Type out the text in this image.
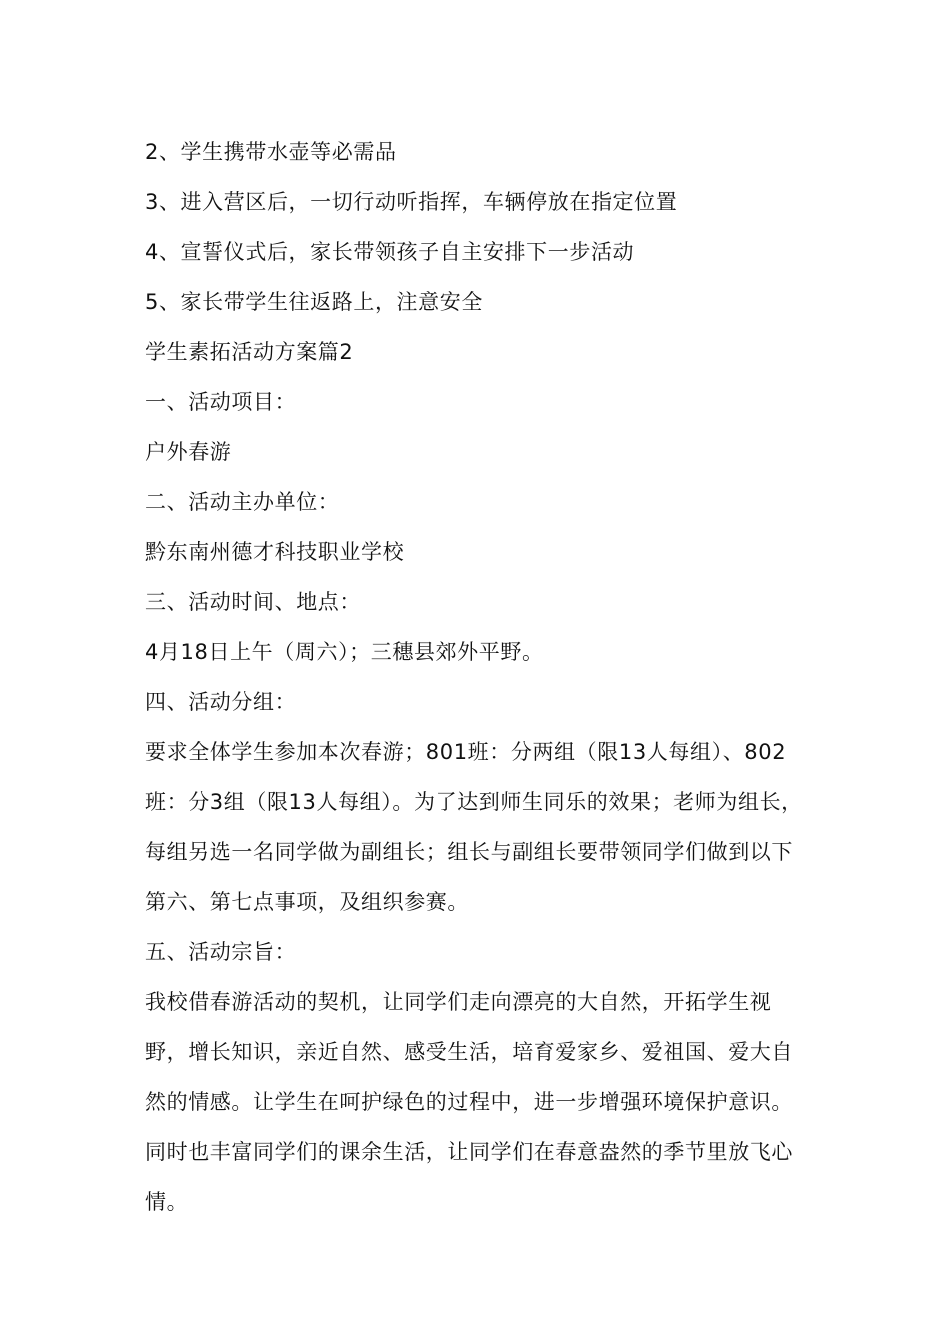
2、学生携带水壶等必需品

3、进入营区后，一切行动听指挥，车辆停放在指定位置

4、宣誓仪式后，家长带领孩子自主安排下一步活动

5、家长带学生往返路上，注意安全

学生素拓活动方案篇2

一、活动项目：

户外春游

二、活动主办单位：

黔东南州德才科技职业学校

三、活动时间、地点：

4月18日上午（周六）；三穗县郊外平野。

四、活动分组：

要求全体学生参加本次春游；801班：分两组（限13人每组）、802班：分3组（限13人每组）。为了达到师生同乐的效果；老师为组长，每组另选一名同学做为副组长；组长与副组长要带领同学们做到以下第六、第七点事项，及组织参赛。

五、活动宗旨：

我校借春游活动的契机，让同学们走向漂亮的大自然，开拓学生视野，增长知识，亲近自然、感受生活，培育爱家乡、爱祖国、爱大自然的情感。让学生在呵护绿色的过程中，进一步增强环境保护意识。同时也丰富同学们的课余生活，让同学们在春意盎然的季节里放飞心情。
